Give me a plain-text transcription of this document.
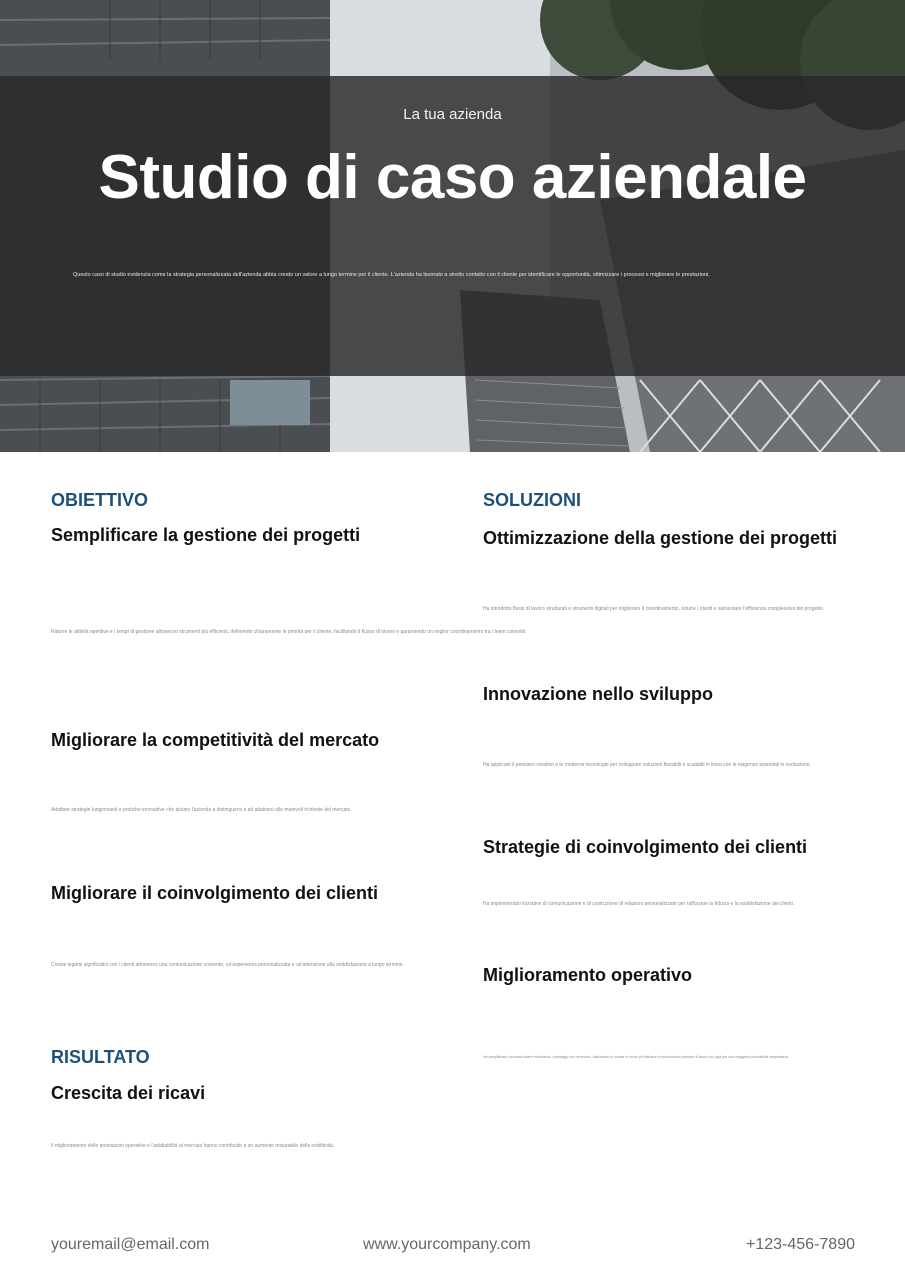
La tua azienda
Studio di caso aziendale
Questo caso di studio evidenzia come la strategia personalizzata dell'azienda abbia creato un valore a lungo termine per il cliente. L'azienda ha lavorato a stretto contatto con il cliente per identificare le opportunità, ottimizzare i processi e migliorare le prestazioni.
OBIETTIVO
Semplificare la gestione dei progetti
Ridurre le attività ripetitive e i tempi di gestione attraverso strumenti più efficienti, definendo chiaramente le priorità per il cliente, facilitando il flusso di lavoro e garantendo un miglior coordinamento tra i team coinvolti.
Migliorare la competitività del mercato
Adottare strategie lungimiranti e pratiche innovative che aiutino l'azienda a distinguersi e ad adattarsi alle mutevoli richieste del mercato.
Migliorare il coinvolgimento dei clienti
Creare legami significativi con i clienti attraverso una comunicazione coerente, un'esperienza personalizzata e un'attenzione alla soddisfazione a lungo termine.
RISULTATO
Crescita dei ricavi
Il miglioramento delle prestazioni operative e l'adattabilità al mercato hanno contribuito a un aumento misurabile della redditività.
SOLUZIONI
Ottimizzazione della gestione dei progetti
Ha introdotto flussi di lavoro strutturati e strumenti digitali per migliorare il coordinamento, ridurre i ritardi e aumentare l'efficienza complessiva del progetto.
Innovazione nello sviluppo
Ha applicato il pensiero creativo e le moderne tecnologie per sviluppare soluzioni flessibili e scalabili in linea con le esigenze aziendali in evoluzione.
Strategie di coinvolgimento dei clienti
Ha implementato iniziative di comunicazione e di costruzione di relazioni personalizzate per rafforzare la fiducia e la soddisfazione dei clienti.
Miglioramento operativo
Ha semplificato i processi interni eliminando i passaggi non necessari, riallocando le risorse in modo più efficace e introducendo pratiche di lavoro più agili per una maggiore produttività complessiva.
youremail@email.com	www.yourcompany.com	+123-456-7890
